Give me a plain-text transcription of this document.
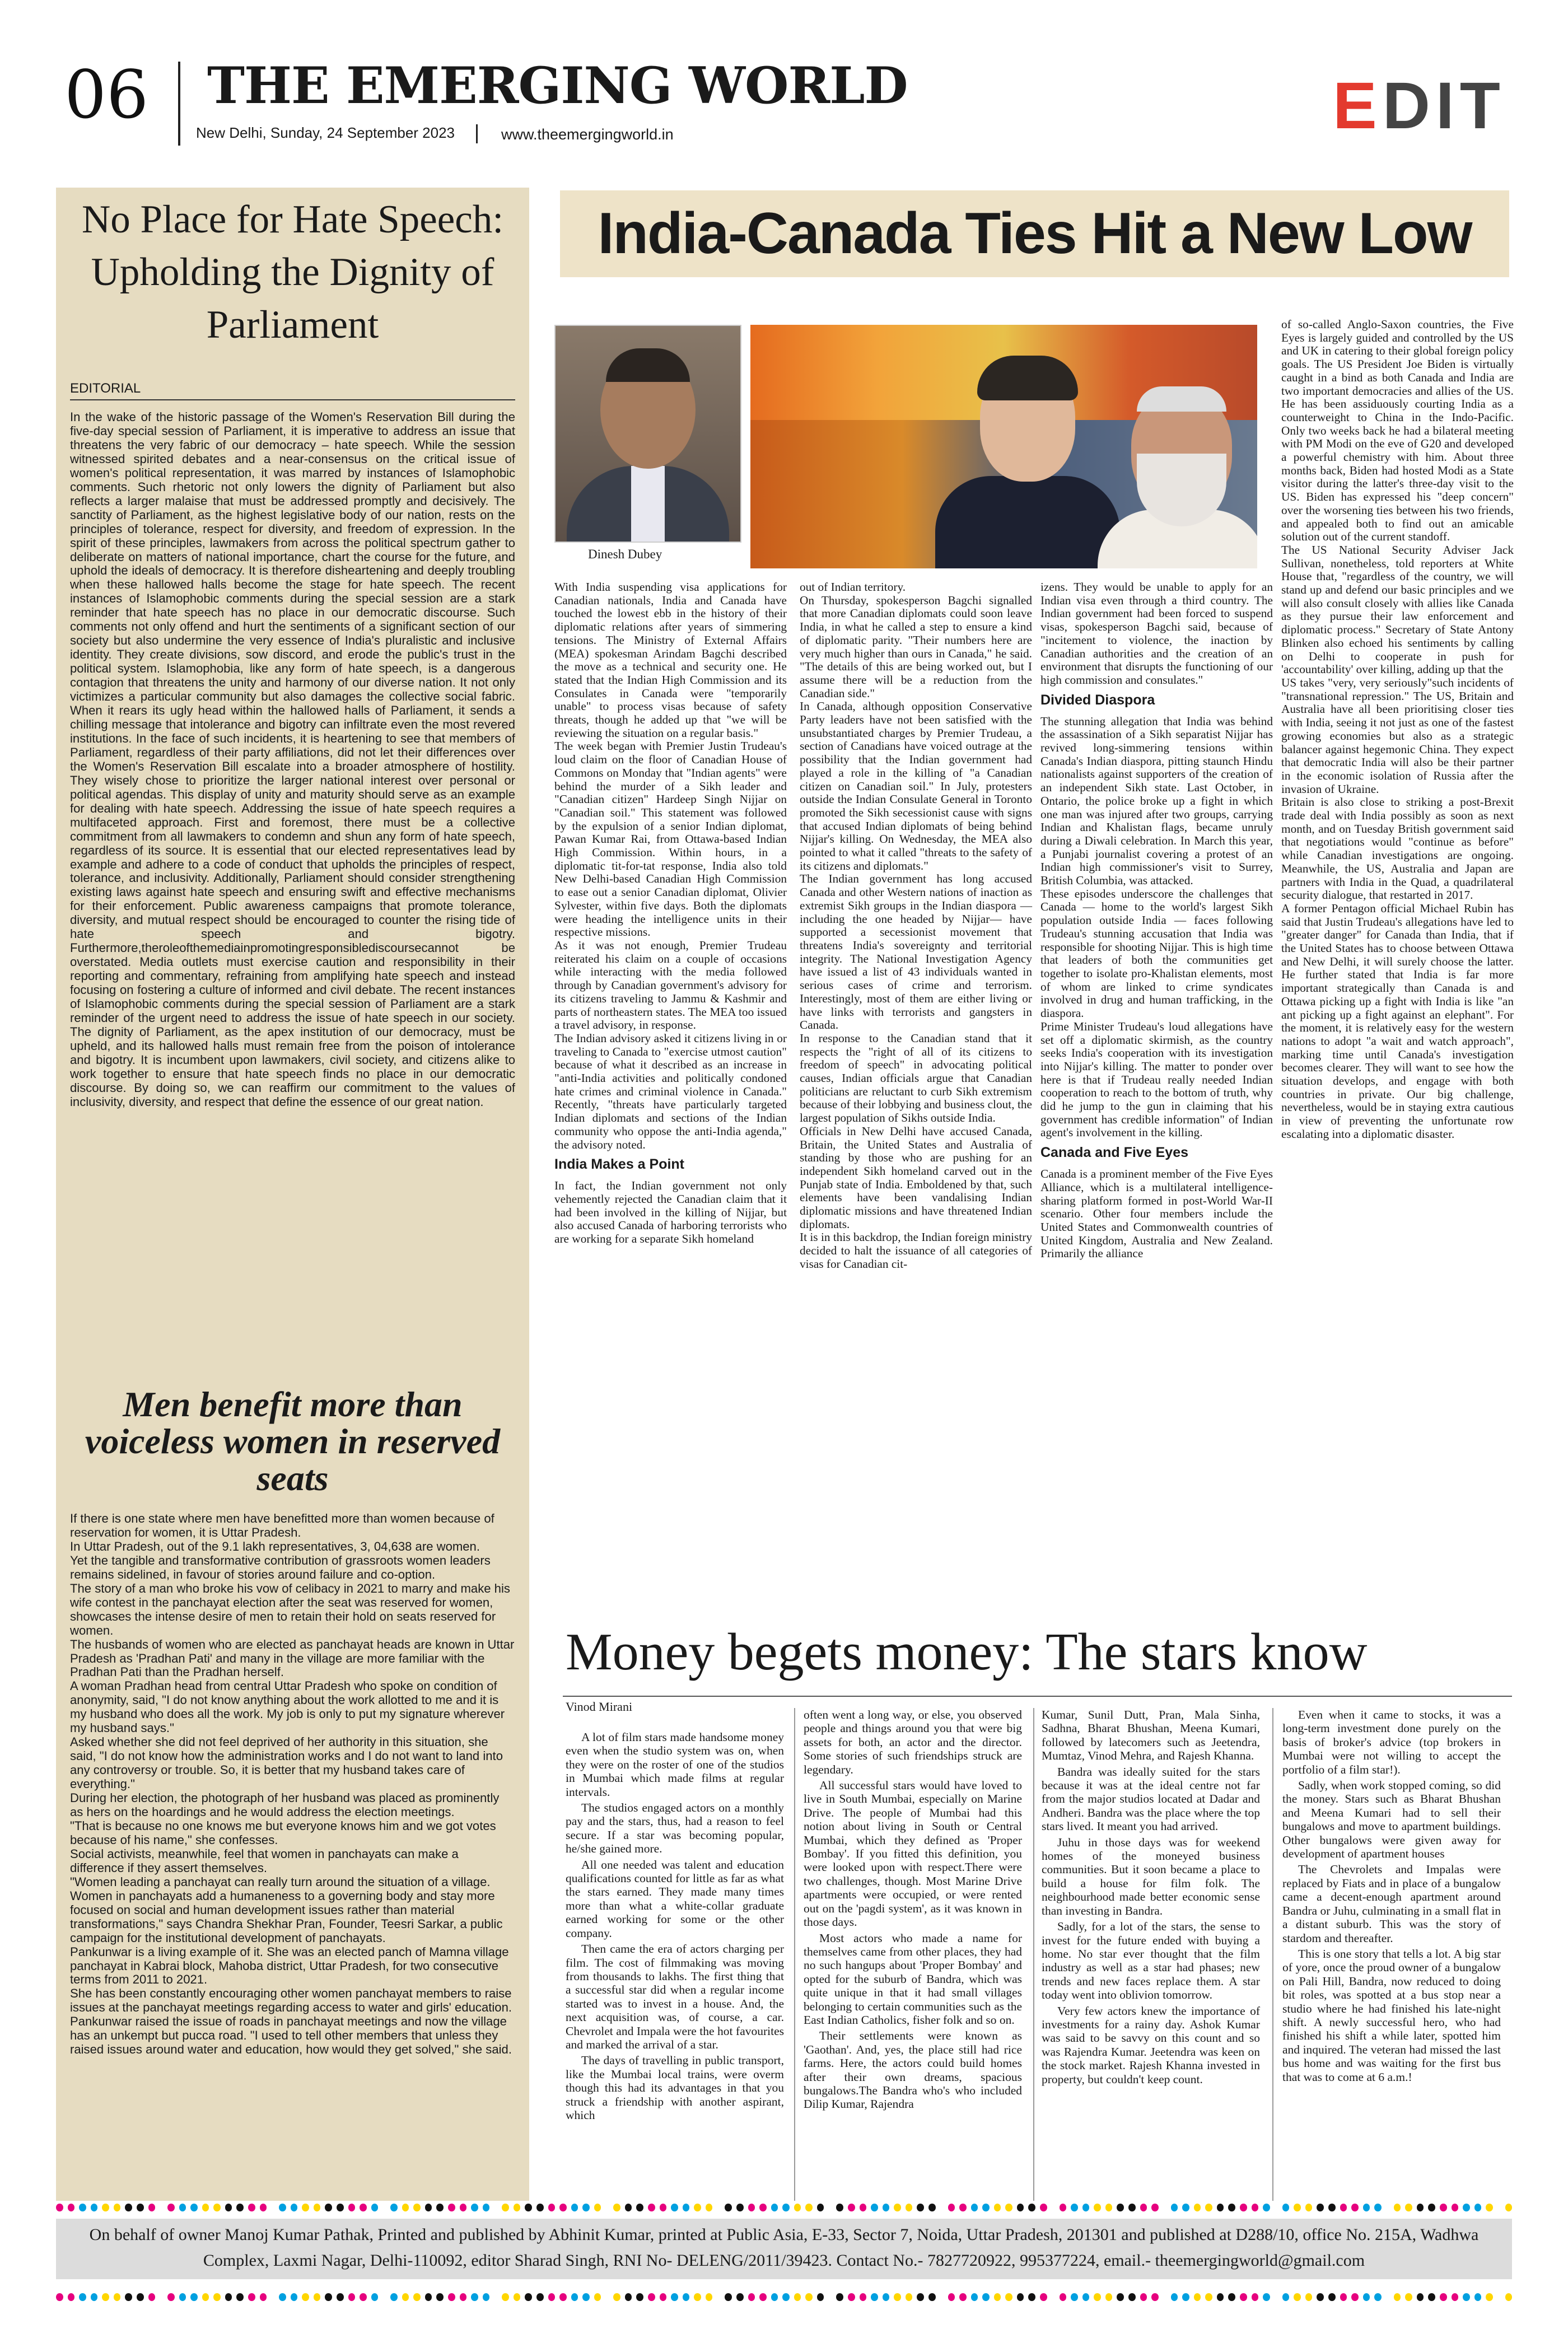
06 THE EMERGING WORLD
New Delhi, Sunday, 24 September 2023	www.theemergingworld.in	EDIT
No Place for Hate Speech: Upholding the Dignity of Parliament
EDITORIAL
In the wake of the historic passage of the Women's Reservation Bill during the five-day special session of Parliament, it is imperative to address an issue that threatens the very fabric of our democracy – hate speech. While the session witnessed spirited debates and a near-consensus on the critical issue of women's political representation, it was marred by instances of Islamophobic comments. Such rhetoric not only lowers the dignity of Parliament but also reflects a larger malaise that must be addressed promptly and decisively. The sanctity of Parliament, as the highest legislative body of our nation, rests on the principles of tolerance, respect for diversity, and freedom of expression. In the spirit of these principles, lawmakers from across the political spectrum gather to deliberate on matters of national importance, chart the course for the future, and uphold the ideals of democracy. It is therefore disheartening and deeply troubling when these hallowed halls become the stage for hate speech. The recent instances of Islamophobic comments during the special session are a stark reminder that hate speech has no place in our democratic discourse. Such comments not only offend and hurt the sentiments of a significant section of our society but also undermine the very essence of India's pluralistic and inclusive identity. They create divisions, sow discord, and erode the public's trust in the political system. Islamophobia, like any form of hate speech, is a dangerous contagion that threatens the unity and harmony of our diverse nation. It not only victimizes a particular community but also damages the collective social fabric. When it rears its ugly head within the hallowed halls of Parliament, it sends a chilling message that intolerance and bigotry can infiltrate even the most revered institutions. In the face of such incidents, it is heartening to see that members of Parliament, regardless of their party affiliations, did not let their differences over the Women's Reservation Bill escalate into a broader atmosphere of hostility. They wisely chose to prioritize the larger national interest over personal or political agendas. This display of unity and maturity should serve as an example for dealing with hate speech. Addressing the issue of hate speech requires a multifaceted approach. First and foremost, there must be a collective commitment from all lawmakers to condemn and shun any form of hate speech, regardless of its source. It is essential that our elected representatives lead by example and adhere to a code of conduct that upholds the principles of respect, tolerance, and inclusivity. Additionally, Parliament should consider strengthening existing laws against hate speech and ensuring swift and effective mechanisms for their enforcement. Public awareness campaigns that promote tolerance, diversity, and mutual respect should be encouraged to counter the rising tide of hate speech and bigotry. Furthermore,theroleofthemediainpromotingresponsiblediscoursecannot be overstated. Media outlets must exercise caution and responsibility in their reporting and commentary, refraining from amplifying hate speech and instead focusing on fostering a culture of informed and civil debate. The recent instances of Islamophobic comments during the special session of Parliament are a stark reminder of the urgent need to address the issue of hate speech in our society. The dignity of Parliament, as the apex institution of our democracy, must be upheld, and its hallowed halls must remain free from the poison of intolerance and bigotry. It is incumbent upon lawmakers, civil society, and citizens alike to work together to ensure that hate speech finds no place in our democratic discourse. By doing so, we can reaffirm our commitment to the values of inclusivity, diversity, and respect that define the essence of our great nation.
Men benefit more than voiceless women in reserved seats

If there is one state where men have benefitted more than women because of reservation for women, it is Uttar Pradesh.

In Uttar Pradesh, out of the 9.1 lakh representatives, 3, 04,638 are women.

Yet the tangible and transformative contribution of grassroots women leaders remains sidelined, in favour of stories around failure and co-option.

The story of a man who broke his vow of celibacy in 2021 to marry and make his wife contest in the panchayat election after the seat was reserved for women, showcases the intense desire of men to retain their hold on seats reserved for women.

The husbands of women who are elected as panchayat heads are known in Uttar Pradesh as 'Pradhan Pati' and many in the village are more familiar with the Pradhan Pati than the Pradhan herself.

A woman Pradhan head from central Uttar Pradesh who spoke on condition of anonymity, said, "I do not know anything about the work allotted to me and it is my husband who does all the work. My job is only to put my signature wherever my husband says."

Asked whether she did not feel deprived of her authority in this situation, she said, "I do not know how the administration works and I do not want to land into any controversy or trouble. So, it is better that my husband takes care of everything."

During her election, the photograph of her husband was placed as prominently as hers on the hoardings and he would address the election meetings.

"That is because no one knows me but everyone knows him and we got votes because of his name," she confesses.

Social activists, meanwhile, feel that women in panchayats can make a difference if they assert themselves.

"Women leading a panchayat can really turn around the situation of a village. Women in panchayats add a humaneness to a governing body and stay more focused on social and human development issues rather than material transformations," says Chandra Shekhar Pran, Founder, Teesri Sarkar, a public campaign for the institutional development of panchayats.

Pankunwar is a living example of it. She was an elected panch of Mamna village panchayat in Kabrai block, Mahoba district, Uttar Pradesh, for two consecutive terms from 2011 to 2021.

She has been constantly encouraging other women panchayat members to raise issues at the panchayat meetings regarding access to water and girls' education.

Pankunwar raised the issue of roads in panchayat meetings and now the village has an unkempt but pucca road. "I used to tell other members that unless they raised issues around water and education, how would they get solved," she said.

India-Canada Ties Hit a New Low
Dinesh Dubey

With India suspending visa applications for Canadian nationals, India and Canada have touched the lowest ebb in the history of their diplomatic relations after years of simmering tensions. The Ministry of External Affairs (MEA) spokesman Arindam Bagchi described the move as a technical and security one. He stated that the Indian High Commission and its Consulates in Canada were "temporarily unable" to process visas because of safety threats, though he added up that "we will be reviewing the situation on a regular basis."

The week began with Premier Justin Trudeau's loud claim on the floor of Canadian House of Commons on Monday that "Indian agents" were behind the murder of a Sikh leader and "Canadian citizen" Hardeep Singh Nijjar on "Canadian soil." This statement was followed by the expulsion of a senior Indian diplomat, Pawan Kumar Rai, from Ottawa-based Indian High Commission. Within hours, in a diplomatic tit-for-tat response, India also told New Delhi-based Canadian High Commission to ease out a senior Canadian diplomat, Olivier Sylvester, within five days. Both the diplomats were heading the intelligence units in their respective missions.

As it was not enough, Premier Trudeau reiterated his claim on a couple of occasions while interacting with the media followed through by Canadian government's advisory for its citizens traveling to Jammu & Kashmir and parts of northeastern states. The MEA too issued a travel advisory, in response.

The Indian advisory asked it citizens living in or traveling to Canada to "exercise utmost caution" because of what it described as an increase in "anti-India activities and politically condoned hate crimes and criminal violence in Canada." Recently, "threats have particularly targeted Indian diplomats and sections of the Indian community who oppose the anti-India agenda," the advisory noted.

India Makes a Point

In fact, the Indian government not only vehemently rejected the Canadian claim that it had been involved in the killing of Nijjar, but also accused Canada of harboring terrorists who are working for a separate Sikh homeland

out of Indian territory.

On Thursday, spokesperson Bagchi signalled that more Canadian diplomats could soon leave India, in what he called a step to ensure a kind of diplomatic parity. "Their numbers here are very much higher than ours in Canada," he said. "The details of this are being worked out, but I assume there will be a reduction from the Canadian side."

In Canada, although opposition Conservative Party leaders have not been satisfied with the unsubstantiated charges by Premier Trudeau, a section of Canadians have voiced outrage at the possibility that the Indian government had played a role in the killing of "a Canadian citizen on Canadian soil." In July, protesters outside the Indian Consulate General in Toronto promoted the Sikh secessionist cause with signs that accused Indian diplomats of being behind Nijjar's killing. On Wednesday, the MEA also pointed to what it called "threats to the safety of its citizens and diplomats."

The Indian government has long accused Canada and other Western nations of inaction as extremist Sikh groups in the Indian diaspora — including the one headed by Nijjar— have supported a secessionist movement that threatens India's sovereignty and territorial integrity. The National Investigation Agency have issued a list of 43 individuals wanted in serious cases of crime and terrorism. Interestingly, most of them are either living or have links with terrorists and gangsters in Canada.

In response to the Canadian stand that it respects the "right of all of its citizens to freedom of speech" in advocating political causes, Indian officials argue that Canadian politicians are reluctant to curb Sikh extremism because of their lobbying and business clout, the largest population of Sikhs outside India.

Officials in New Delhi have accused Canada, Britain, the United States and Australia of standing by those who are pushing for an independent Sikh homeland carved out in the Punjab state of India. Emboldened by that, such elements have been vandalising Indian diplomatic missions and have threatened Indian diplomats.

It is in this backdrop, the Indian foreign ministry decided to halt the issuance of all categories of visas for Canadian cit-

izens. They would be unable to apply for an Indian visa even through a third country. The Indian government had been forced to suspend visas, spokesperson Bagchi said, because of "incitement to violence, the inaction by Canadian authorities and the creation of an environment that disrupts the functioning of our high commission and consulates."

Divided Diaspora

The stunning allegation that India was behind the assassination of a Sikh separatist Nijjar has revived long-simmering tensions within Canada's Indian diaspora, pitting staunch Hindu nationalists against supporters of the creation of an independent Sikh state. Last October, in Ontario, the police broke up a fight in which one man was injured after two groups, carrying Indian and Khalistan flags, became unruly during a Diwali celebration. In March this year, a Punjabi journalist covering a protest of an Indian high commissioner's visit to Surrey, British Columbia, was attacked.

These episodes underscore the challenges that Canada — home to the world's largest Sikh population outside India — faces following Trudeau's stunning accusation that India was responsible for shooting Nijjar. This is high time that leaders of both the communities get together to isolate pro-Khalistan elements, most of whom are linked to crime syndicates involved in drug and human trafficking, in the diaspora.

Prime Minister Trudeau's loud allegations have set off a diplomatic skirmish, as the country seeks India's cooperation with its investigation into Nijjar's killing. The matter to ponder over here is that if Trudeau really needed Indian cooperation to reach to the bottom of truth, why did he jump to the gun in claiming that his government has credible information" of Indian agent's involvement in the killing.

Canada and Five Eyes

Canada is a prominent member of the Five Eyes Alliance, which is a multilateral intelligence-sharing platform formed in post-World War-II scenario. Other four members include the United States and Commonwealth countries of United Kingdom, Australia and New Zealand. Primarily the alliance

of so-called Anglo-Saxon countries, the Five Eyes is largely guided and controlled by the US and UK in catering to their global foreign policy goals. The US President Joe Biden is virtually caught in a bind as both Canada and India are two important democracies and allies of the US. He has been assiduously courting India as a counterweight to China in the Indo-Pacific. Only two weeks back he had a bilateral meeting with PM Modi on the eve of G20 and developed a powerful chemistry with him. About three months back, Biden had hosted Modi as a State visitor during the latter's three-day visit to the US. Biden has expressed his "deep concern" over the worsening ties between his two friends, and appealed both to find out an amicable solution out of the current standoff.

The US National Security Adviser Jack Sullivan, nonetheless, told reporters at White House that, "regardless of the country, we will stand up and defend our basic principles and we will also consult closely with allies like Canada as they pursue their law enforcement and diplomatic process." Secretary of State Antony Blinken also echoed his sentiments by calling on Delhi to cooperate in push for 'accountability' over killing, adding up that the

US takes "very, very seriously"such incidents of "transnational repression." The US, Britain and Australia have all been prioritising closer ties with India, seeing it not just as one of the fastest growing economies but also as a strategic balancer against hegemonic China. They expect that democratic India will also be their partner in the economic isolation of Russia after the invasion of Ukraine.

Britain is also close to striking a post-Brexit trade deal with India possibly as soon as next month, and on Tuesday British government said that negotiations would "continue as before" while Canadian investigations are ongoing. Meanwhile, the US, Australia and Japan are partners with India in the Quad, a quadrilateral security dialogue, that restarted in 2017.

A former Pentagon official Michael Rubin has said that Justin Trudeau's allegations have led to "greater danger" for Canada than India, that if the United States has to choose between Ottawa and New Delhi, it will surely choose the latter. He further stated that India is far more important strategically than Canada is and Ottawa picking up a fight with India is like "an ant picking up a fight against an elephant". For the moment, it is relatively easy for the western nations to adopt "a wait and watch approach", marking time until Canada's investigation becomes clearer. They will want to see how the situation develops, and engage with both countries in private. Our big challenge, nevertheless, would be in staying extra cautious in view of preventing the unfortunate row escalating into a diplomatic disaster.

Money begets money: The stars know
Vinod Mirani

A lot of film stars made handsome money even when the studio system was on, when they were on the roster of one of the studios in Mumbai which made films at regular intervals.

The studios engaged actors on a monthly pay and the stars, thus, had a reason to feel secure. If a star was becoming popular, he/she gained more.

All one needed was talent and education qualifications counted for little as far as what the stars earned. They made many times more than what a white-collar graduate earned working for some or the other company.

Then came the era of actors charging per film. The cost of filmmaking was moving from thousands to lakhs. The first thing that a successful star did when a regular income started was to invest in a house. And, the next acquisition was, of course, a car. Chevrolet and Impala were the hot favourites and marked the arrival of a star.

The days of travelling in public transport, like the Mumbai local trains, were overm though this had its advantages in that you struck a friendship with another aspirant, which

often went a long way, or else, you observed people and things around you that were big assets for both, an actor and the director. Some stories of such friendships struck are legendary.

All successful stars would have loved to live in South Mumbai, especially on Marine Drive. The people of Mumbai had this notion about living in South or Central Mumbai, which they defined as 'Proper Bombay'. If you fitted this definition, you were looked upon with respect.There were two challenges, though. Most Marine Drive apartments were occupied, or were rented out on the 'pagdi system', as it was known in those days.

Most actors who made a name for themselves came from other places, they had no such hangups about 'Proper Bombay' and opted for the suburb of Bandra, which was quite unique in that it had small villages belonging to certain communities such as the East Indian Catholics, fisher folk and so on.

Their settlements were known as 'Gaothan'. And, yes, the place still had rice farms. Here, the actors could build homes after their own dreams, spacious bungalows.The Bandra who's who included Dilip Kumar, Rajendra

Kumar, Sunil Dutt, Pran, Mala Sinha, Sadhna, Bharat Bhushan, Meena Kumari, followed by latecomers such as Jeetendra, Mumtaz, Vinod Mehra, and Rajesh Khanna.

Bandra was ideally suited for the stars because it was at the ideal centre not far from the major studios located at Dadar and Andheri. Bandra was the place where the top stars lived. It meant you had arrived.

Juhu in those days was for weekend homes of the moneyed business communities. But it soon became a place to build a house for film folk. The neighbourhood made better economic sense than investing in Bandra.

Sadly, for a lot of the stars, the sense to invest for the future ended with buying a home. No star ever thought that the film industry as well as a star had phases; new trends and new faces replace them. A star today went into oblivion tomorrow.

Very few actors knew the importance of investments for a rainy day. Ashok Kumar was said to be savvy on this count and so was Rajendra Kumar. Jeetendra was keen on the stock market. Rajesh Khanna invested in property, but couldn't keep count.

Even when it came to stocks, it was a long-term investment done purely on the basis of broker's advice (top brokers in Mumbai were not willing to accept the portfolio of a film star!).

Sadly, when work stopped coming, so did the money. Stars such as Bharat Bhushan and Meena Kumari had to sell their bungalows and move to apartment buildings. Other bungalows were given away for development of apartment houses

The Chevrolets and Impalas were replaced by Fiats and in place of a bungalow came a decent-enough apartment around Bandra or Juhu, culminating in a small flat in a distant suburb. This was the story of stardom and thereafter.

This is one story that tells a lot. A big star of yore, once the proud owner of a bungalow on Pali Hill, Bandra, now reduced to doing bit roles, was spotted at a bus stop near a studio where he had finished his late-night shift. A newly successful hero, who had finished his shift a while later, spotted him and inquired. The veteran had missed the last bus home and was waiting for the first bus that was to come at 6 a.m.!

On behalf of owner Manoj Kumar Pathak, Printed and published by Abhinit Kumar, printed at Public Asia, E-33, Sector 7, Noida, Uttar Pradesh, 201301 and published at D288/10, office No. 215A, Wadhwa
Complex, Laxmi Nagar, Delhi-110092, editor Sharad Singh, RNI No- DELENG/2011/39423. Contact No.- 7827720922, 995377224, email.- theemergingworld@gmail.com
